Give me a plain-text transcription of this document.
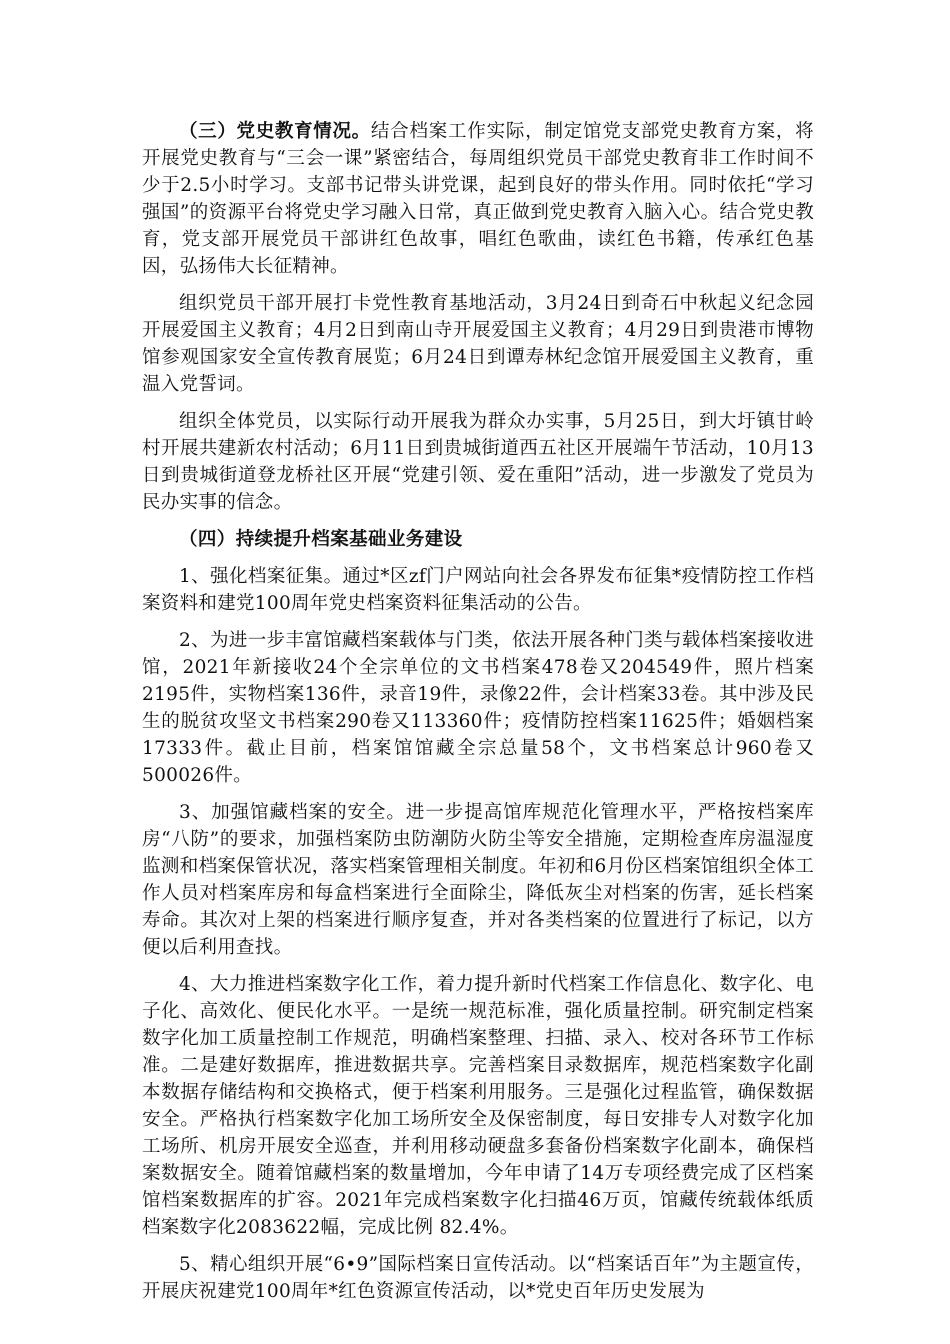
（三）党史教育情况。结合档案工作实际，制定馆党支部党史教育方案，将开展党史教育与“三会一课”紧密结合，每周组织党员干部党史教育非工作时间不少于2.5小时学习。支部书记带头讲党课，起到良好的带头作用。同时依托“学习强国”的资源平台将党史学习融入日常，真正做到党史教育入脑入心。结合党史教育，党支部开展党员干部讲红色故事，唱红色歌曲，读红色书籍，传承红色基因，弘扬伟大长征精神。

组织党员干部开展打卡党性教育基地活动，3月24日到奇石中秋起义纪念园开展爱国主义教育；4月2日到南山寺开展爱国主义教育；4月29日到贵港市博物馆参观国家安全宣传教育展览；6月24日到谭寿林纪念馆开展爱国主义教育，重温入党誓词。

组织全体党员，以实际行动开展我为群众办实事，5月25日，到大圩镇甘岭村开展共建新农村活动；6月11日到贵城街道西五社区开展端午节活动，10月13日到贵城街道登龙桥社区开展“党建引领、爱在重阳”活动，进一步激发了党员为民办实事的信念。

（四）持续提升档案基础业务建设

1、强化档案征集。通过*区zf门户网站向社会各界发布征集*疫情防控工作档案资料和建党100周年党史档案资料征集活动的公告。

2、为进一步丰富馆藏档案载体与门类，依法开展各种门类与载体档案接收进馆，2021年新接收24个全宗单位的文书档案478卷又204549件，照片档案2195件，实物档案136件，录音19件，录像22件，会计档案33卷。其中涉及民生的脱贫攻坚文书档案290卷又113360件；疫情防控档案11625件；婚姻档案17333件。截止目前，档案馆馆藏全宗总量58个，文书档案总计960卷又500026件。

3、加强馆藏档案的安全。进一步提高馆库规范化管理水平，严格按档案库房“八防”的要求，加强档案防虫防潮防火防尘等安全措施，定期检查库房温湿度监测和档案保管状况，落实档案管理相关制度。年初和6月份区档案馆组织全体工作人员对档案库房和每盒档案进行全面除尘，降低灰尘对档案的伤害，延长档案寿命。其次对上架的档案进行顺序复查，并对各类档案的位置进行了标记，以方便以后利用查找。

4、大力推进档案数字化工作，着力提升新时代档案工作信息化、数字化、电子化、高效化、便民化水平。一是统一规范标准，强化质量控制。研究制定档案数字化加工质量控制工作规范，明确档案整理、扫描、录入、校对各环节工作标准。二是建好数据库，推进数据共享。完善档案目录数据库，规范档案数字化副本数据存储结构和交换格式，便于档案利用服务。三是强化过程监管，确保数据安全。严格执行档案数字化加工场所安全及保密制度，每日安排专人对数字化加工场所、机房开展安全巡查，并利用移动硬盘多套备份档案数字化副本，确保档案数据安全。随着馆藏档案的数量增加，今年申请了14万专项经费完成了区档案馆档案数据库的扩容。2021年完成档案数字化扫描46万页，馆藏传统载体纸质档案数字化2083622幅，完成比例 82.4%。

5、精心组织开展“6•9”国际档案日宣传活动。以“档案话百年”为主题宣传，开展庆祝建党100周年*红色资源宣传活动，以*党史百年历史发展为
